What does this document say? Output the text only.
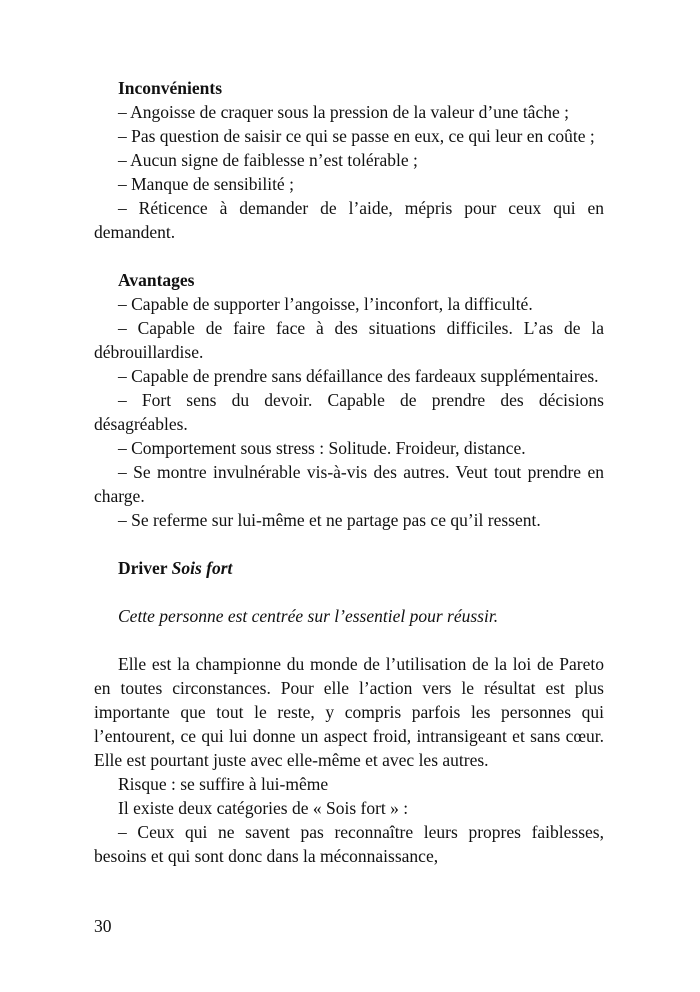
Inconvénients

– Angoisse de craquer sous la pression de la valeur d’une tâche ;

– Pas question de saisir ce qui se passe en eux, ce qui leur en coûte ;

– Aucun signe de faiblesse n’est tolérable ;

– Manque de sensibilité ;

– Réticence à demander de l’aide, mépris pour ceux qui en demandent.

Avantages

– Capable de supporter l’angoisse, l’inconfort, la difficulté.

– Capable de faire face à des situations difficiles. L’as de la débrouillardise.

– Capable de prendre sans défaillance des fardeaux supplémentaires.

– Fort sens du devoir. Capable de prendre des décisions désagréables.

– Comportement sous stress : Solitude. Froideur, distance.

– Se montre invulnérable vis-à-vis des autres. Veut tout prendre en charge.

– Se referme sur lui-même et ne partage pas ce qu’il ressent.

Driver Sois fort

Cette personne est centrée sur l’essentiel pour réussir.

Elle est la championne du monde de l’utilisation de la loi de Pareto en toutes circonstances. Pour elle l’action vers le résultat est plus importante que tout le reste, y compris parfois les personnes qui l’entourent, ce qui lui donne un aspect froid, intransigeant et sans cœur. Elle est pourtant juste avec elle-même et avec les autres.

Risque : se suffire à lui-même

Il existe deux catégories de « Sois fort » :

– Ceux qui ne savent pas reconnaître leurs propres faiblesses, besoins et qui sont donc dans la méconnaissance,

30
